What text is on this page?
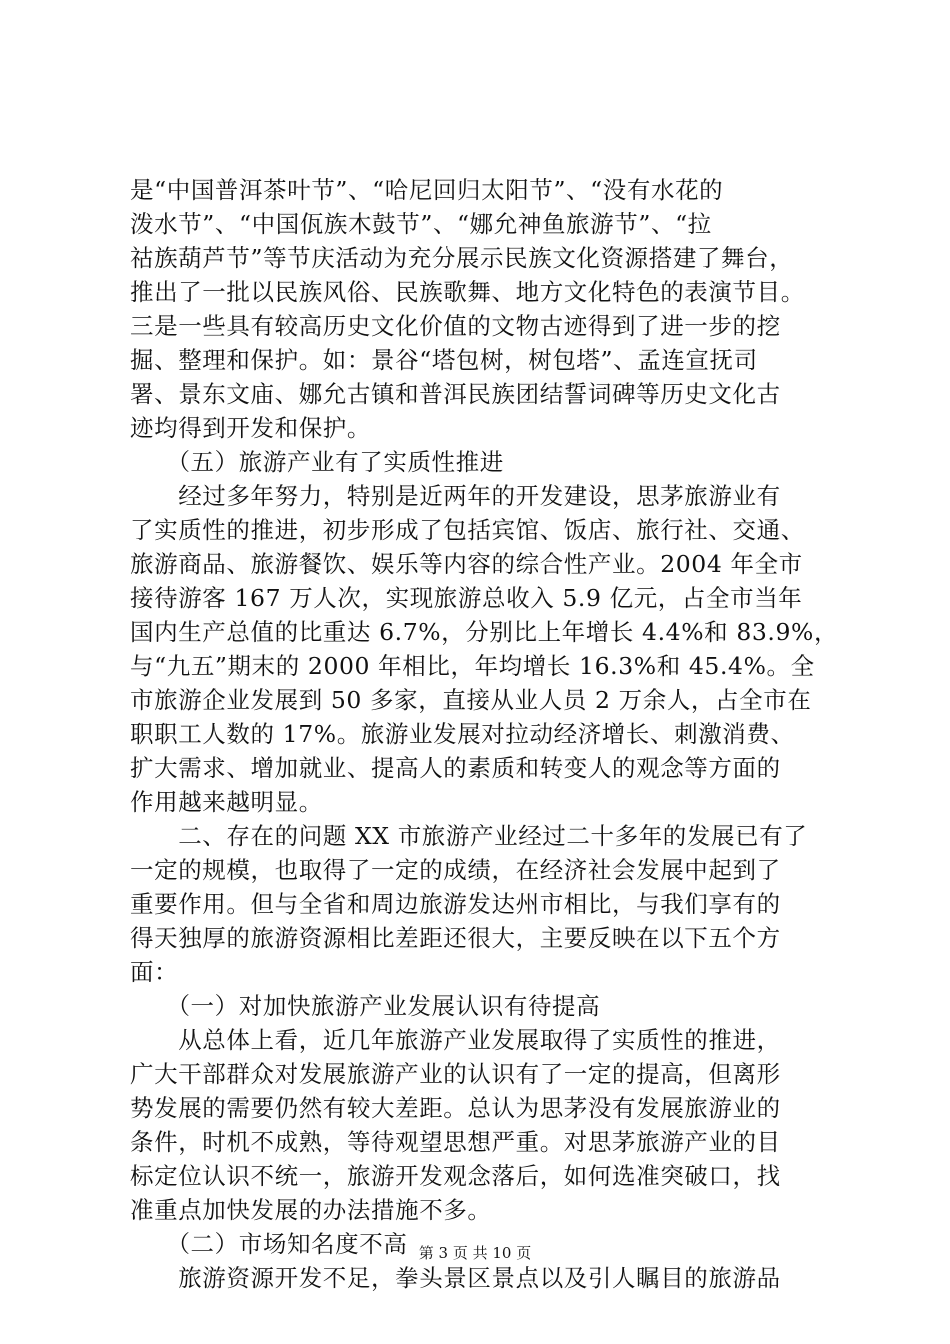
是“中国普洱茶叶节”、“哈尼回归太阳节”、“没有水花的
泼水节”、“中国佤族木鼓节”、“娜允神鱼旅游节”、“拉
祜族葫芦节”等节庆活动为充分展示民族文化资源搭建了舞台，
推出了一批以民族风俗、民族歌舞、地方文化特色的表演节目。
三是一些具有较高历史文化价值的文物古迹得到了进一步的挖
掘、整理和保护。如：景谷“塔包树，树包塔”、孟连宣抚司
署、景东文庙、娜允古镇和普洱民族团结誓词碑等历史文化古
迹均得到开发和保护。
　　（五）旅游产业有了实质性推进
　　经过多年努力，特别是近两年的开发建设，思茅旅游业有
了实质性的推进，初步形成了包括宾馆、饭店、旅行社、交通、
旅游商品、旅游餐饮、娱乐等内容的综合性产业。2004 年全市
接待游客 167 万人次，实现旅游总收入 5.9 亿元，占全市当年
国内生产总值的比重达 6.7%，分别比上年增长 4.4%和 83.9%，
与“九五”期末的 2000 年相比，年均增长 16.3%和 45.4%。全
市旅游企业发展到 50 多家，直接从业人员 2 万余人，占全市在
职职工人数的 17%。旅游业发展对拉动经济增长、刺激消费、
扩大需求、增加就业、提高人的素质和转变人的观念等方面的
作用越来越明显。
　　二、存在的问题 XX 市旅游产业经过二十多年的发展已有了
一定的规模，也取得了一定的成绩，在经济社会发展中起到了
重要作用。但与全省和周边旅游发达州市相比，与我们享有的
得天独厚的旅游资源相比差距还很大，主要反映在以下五个方
面：
　　（一）对加快旅游产业发展认识有待提高
　　从总体上看，近几年旅游产业发展取得了实质性的推进，
广大干部群众对发展旅游产业的认识有了一定的提高，但离形
势发展的需要仍然有较大差距。总认为思茅没有发展旅游业的
条件，时机不成熟，等待观望思想严重。对思茅旅游产业的目
标定位认识不统一，旅游开发观念落后，如何选准突破口，找
准重点加快发展的办法措施不多。
　　（二）市场知名度不高
　　旅游资源开发不足，拳头景区景点以及引人瞩目的旅游品
第 3 页 共 10 页
